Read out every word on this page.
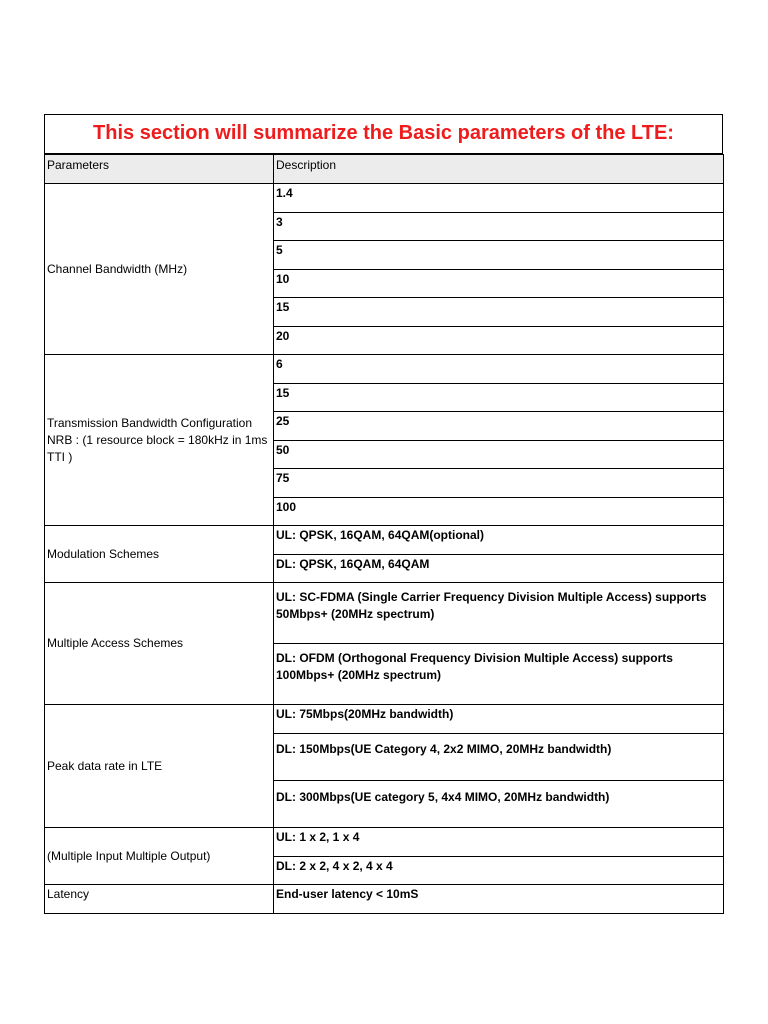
This section will summarize the Basic parameters of the LTE:
Parameters	Description
Channel Bandwidth (MHz)	1.4
	3
	5
	10
	15
	20
Transmission Bandwidth Configuration NRB : (1 resource block = 180kHz in 1ms TTI )	6
	15
	25
	50
	75
	100
Modulation Schemes	UL: QPSK, 16QAM, 64QAM(optional)
	DL: QPSK, 16QAM, 64QAM
Multiple Access Schemes	UL: SC-FDMA (Single Carrier Frequency Division Multiple Access) supports 50Mbps+ (20MHz spectrum)
	DL: OFDM (Orthogonal Frequency Division Multiple Access) supports 100Mbps+ (20MHz spectrum)
Peak data rate in LTE	UL: 75Mbps(20MHz bandwidth)
	DL: 150Mbps(UE Category 4, 2x2 MIMO, 20MHz bandwidth)
	DL: 300Mbps(UE category 5, 4x4 MIMO, 20MHz bandwidth)
(Multiple Input Multiple Output)	UL: 1 x 2, 1 x 4
	DL: 2 x 2, 4 x 2, 4 x 4
Latency	End-user latency < 10mS
